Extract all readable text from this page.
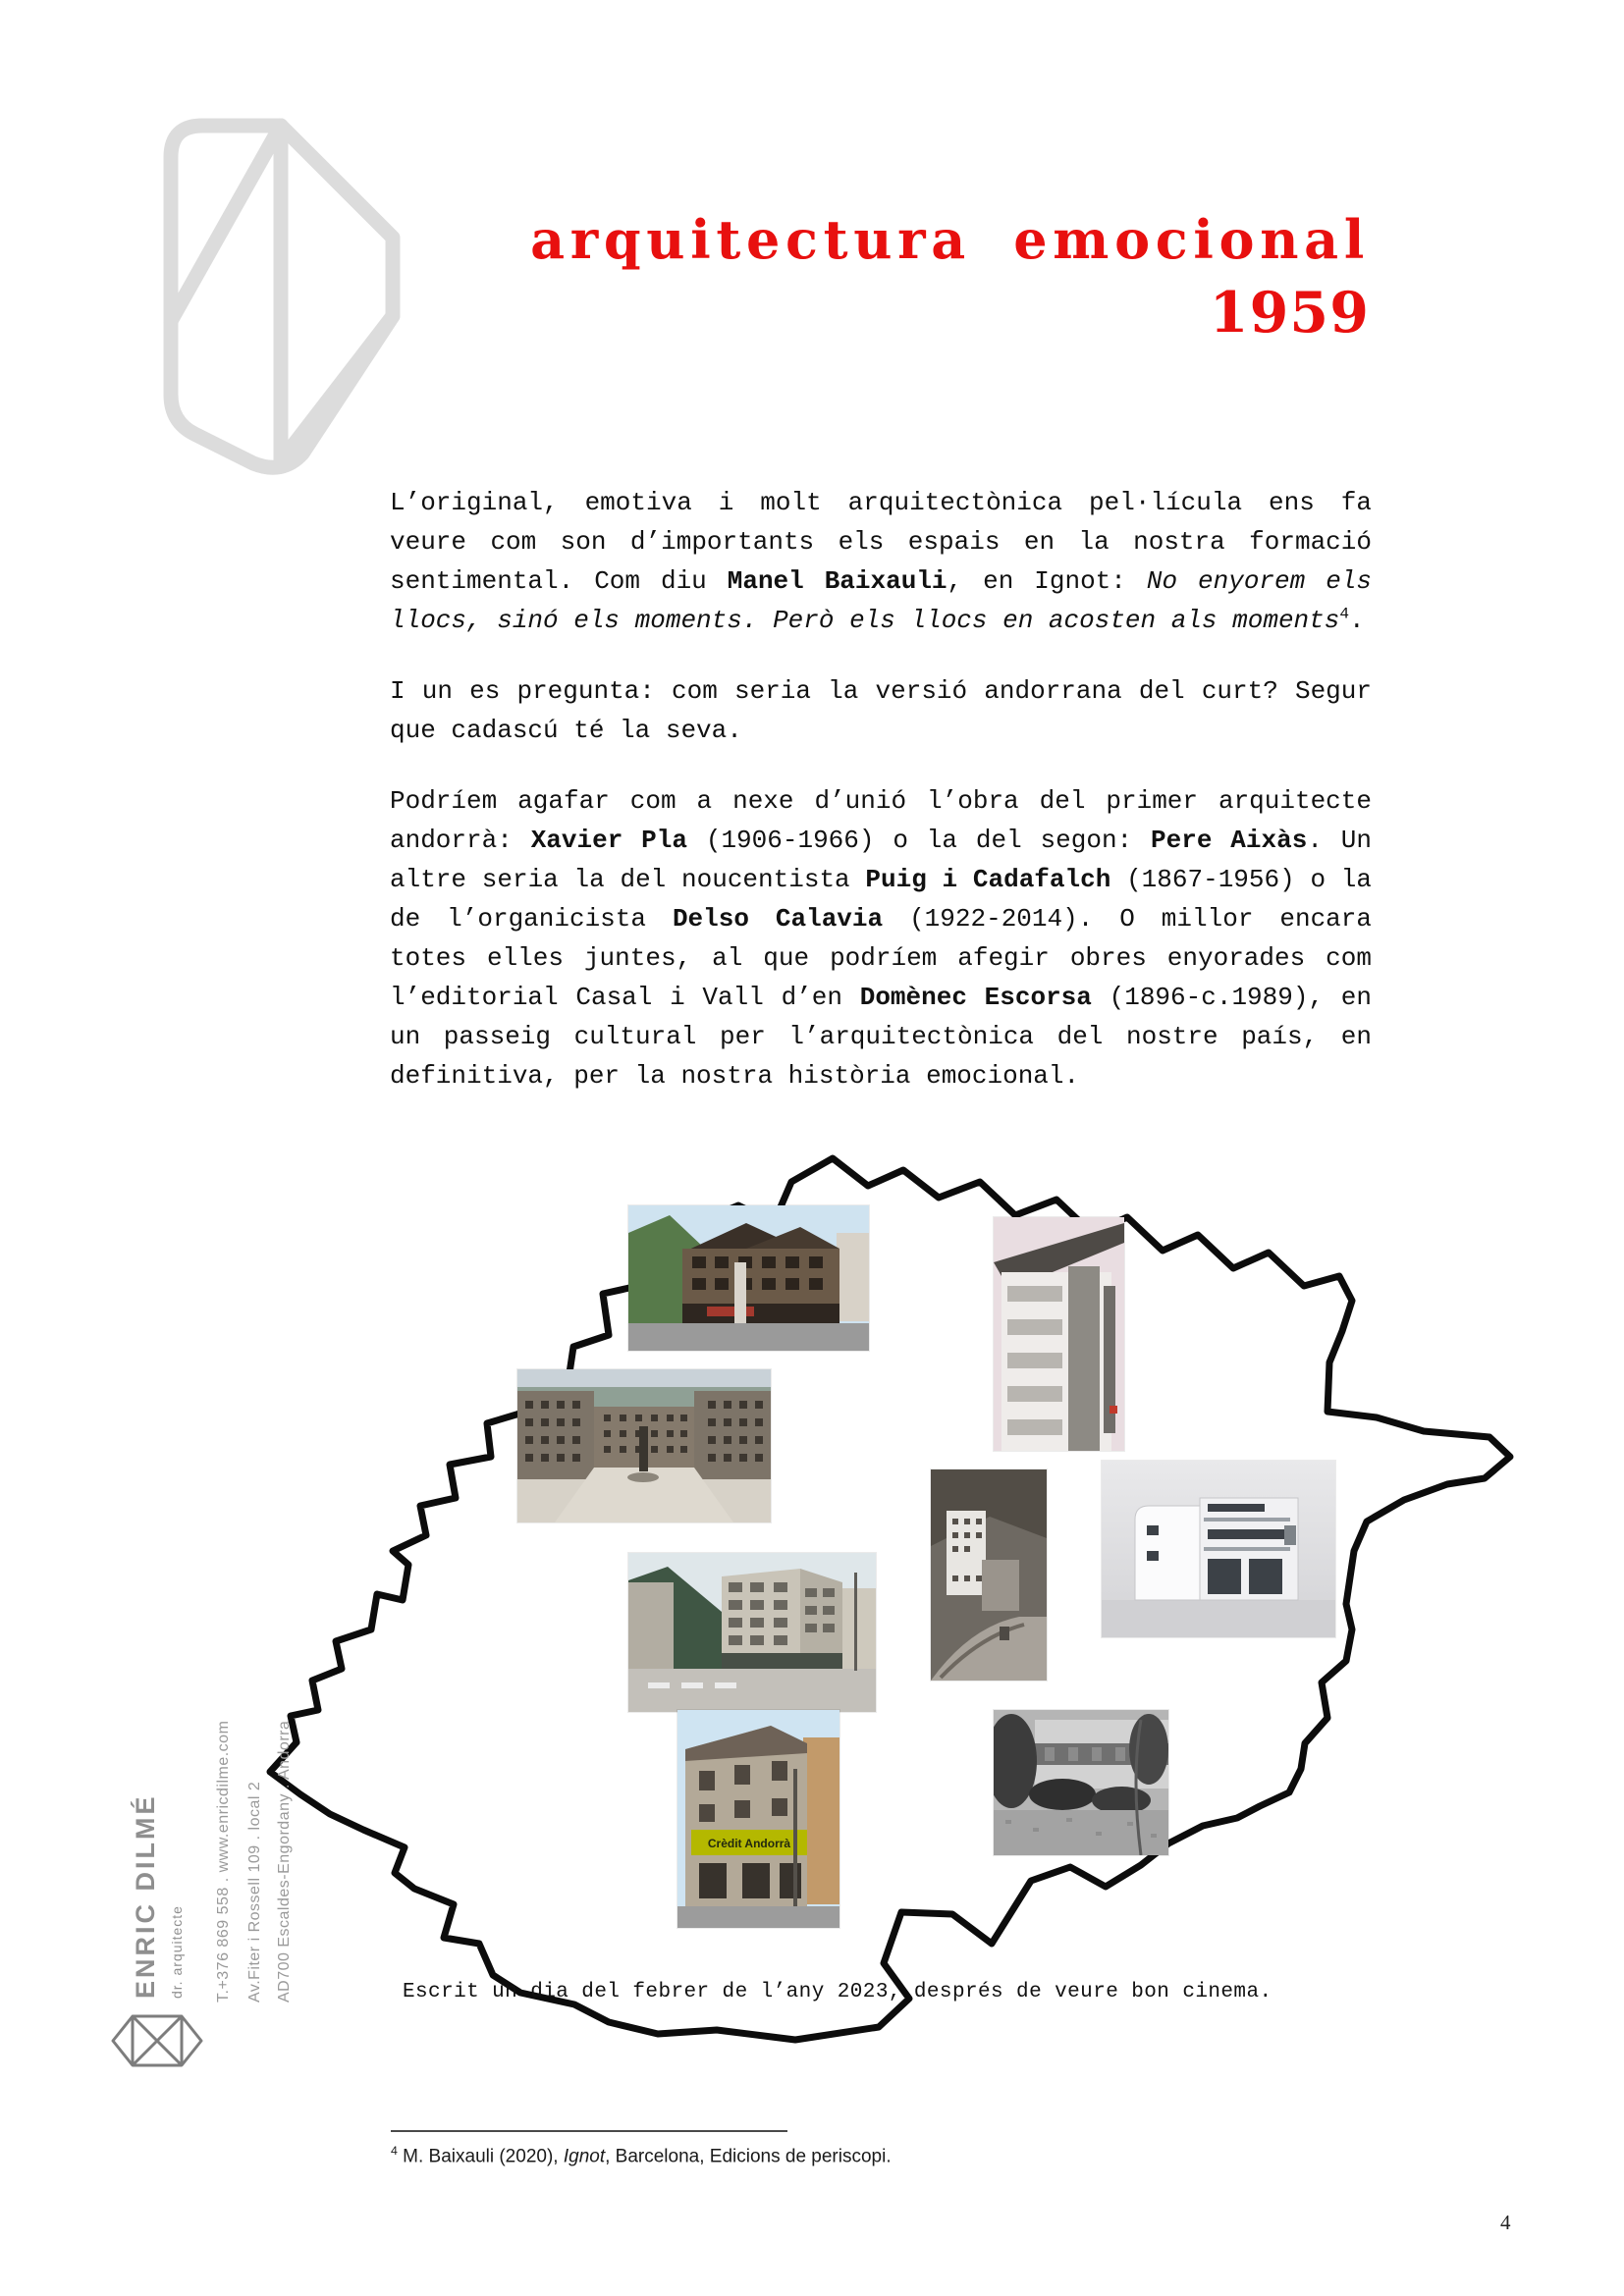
arquitectura emocional
1959

L’original, emotiva i molt arquitectònica pel·lícula ens fa veure com son d’importants els espais en la nostra formació sentimental. Com diu Manel Baixauli, en Ignot: No enyorem els llocs, sinó els moments. Però els llocs en acosten als moments$^4$.

I un es pregunta: com seria la versió andorrana del curt? Segur que cadascú té la seva.

Podríem agafar com a nexe d’unió l’obra del primer arquitecte andorrà: Xavier Pla (1906-1966) o la del segon: Pere Aixàs. Un altre seria la del noucentista Puig i Cadafalch (1867-1956) o la de l’organicista Delso Calavia (1922-2014). O millor encara totes elles juntes, al que podríem afegir obres enyorades com l’editorial Casal i Vall d’en Domènec Escorsa (1896-c.1989), en un passeig cultural per l’arquitectònica del nostre país, en definitiva, per la nostra història emocional.

Crèdit Andorrà
Escrit un dia del febrer de l’any 2023, després de veure bon cinema.
ENRIC DILMÉ dr. arquitecte T.+376 869 558 . www.enricdilme.com Av.Fiter i Rossell 109 . local 2 AD700 Escaldes-Engordany . Andorra
$^4$ M. Baixauli (2020), Ignot, Barcelona, Edicions de periscopi.
4
